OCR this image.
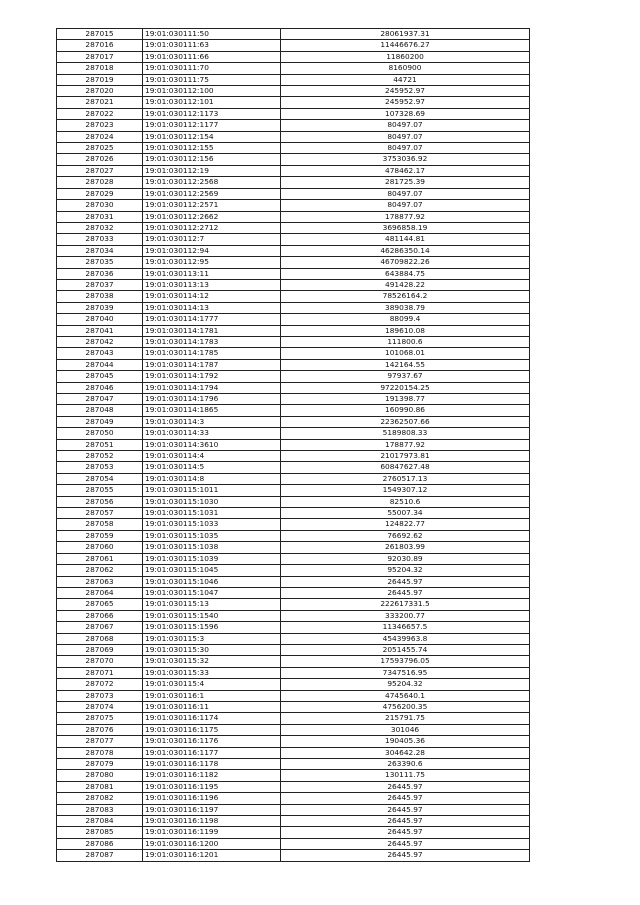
287015	19:01:030111:50	28061937.31
287016	19:01:030111:63	11446676.27
287017	19:01:030111:66	11860200
287018	19:01:030111:70	8160900
287019	19:01:030111:75	44721
287020	19:01:030112:100	245952.97
287021	19:01:030112:101	245952.97
287022	19:01:030112:1173	107328.69
287023	19:01:030112:1177	80497.07
287024	19:01:030112:154	80497.07
287025	19:01:030112:155	80497.07
287026	19:01:030112:156	3753036.92
287027	19:01:030112:19	478462.17
287028	19:01:030112:2568	281725.39
287029	19:01:030112:2569	80497.07
287030	19:01:030112:2571	80497.07
287031	19:01:030112:2662	178877.92
287032	19:01:030112:2712	3696858.19
287033	19:01:030112:7	481144.81
287034	19:01:030112:94	46286350.14
287035	19:01:030112:95	46709822.26
287036	19:01:030113:11	643884.75
287037	19:01:030113:13	491428.22
287038	19:01:030114:12	78526164.2
287039	19:01:030114:13	389038.79
287040	19:01:030114:1777	88099.4
287041	19:01:030114:1781	189610.08
287042	19:01:030114:1783	111800.6
287043	19:01:030114:1785	101068.01
287044	19:01:030114:1787	142164.55
287045	19:01:030114:1792	97937.67
287046	19:01:030114:1794	97220154.25
287047	19:01:030114:1796	191398.77
287048	19:01:030114:1865	160990.86
287049	19:01:030114:3	22362507.66
287050	19:01:030114:33	5189808.33
287051	19:01:030114:3610	178877.92
287052	19:01:030114:4	21017973.81
287053	19:01:030114:5	60847627.48
287054	19:01:030114:8	2760517.13
287055	19:01:030115:1011	1549307.12
287056	19:01:030115:1030	82510.6
287057	19:01:030115:1031	55007.34
287058	19:01:030115:1033	124822.77
287059	19:01:030115:1035	76692.62
287060	19:01:030115:1038	261803.99
287061	19:01:030115:1039	92030.89
287062	19:01:030115:1045	95204.32
287063	19:01:030115:1046	26445.97
287064	19:01:030115:1047	26445.97
287065	19:01:030115:13	222617331.5
287066	19:01:030115:1540	333200.77
287067	19:01:030115:1596	11346657.5
287068	19:01:030115:3	45439963.8
287069	19:01:030115:30	2051455.74
287070	19:01:030115:32	17593796.05
287071	19:01:030115:33	7347516.95
287072	19:01:030115:4	95204.32
287073	19:01:030116:1	4745640.1
287074	19:01:030116:11	4756200.35
287075	19:01:030116:1174	215791.75
287076	19:01:030116:1175	301046
287077	19:01:030116:1176	190405.36
287078	19:01:030116:1177	304642.28
287079	19:01:030116:1178	263390.6
287080	19:01:030116:1182	130111.75
287081	19:01:030116:1195	26445.97
287082	19:01:030116:1196	26445.97
287083	19:01:030116:1197	26445.97
287084	19:01:030116:1198	26445.97
287085	19:01:030116:1199	26445.97
287086	19:01:030116:1200	26445.97
287087	19:01:030116:1201	26445.97
